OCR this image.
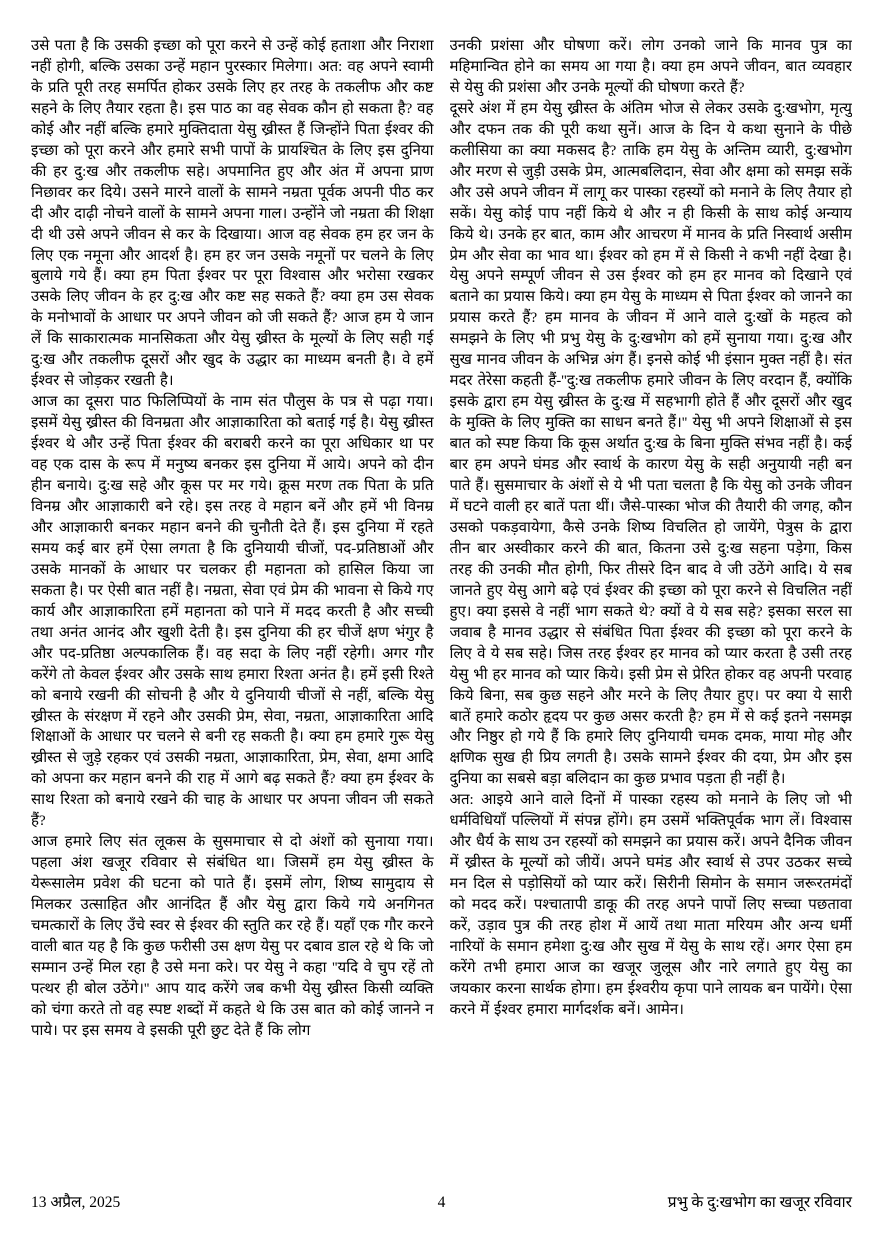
उसे पता है कि उसकी इच्छा को पूरा करने से उन्हें कोई हताशा और निराशा नहीं होगी, बल्कि उसका उन्हें महान पुरस्कार मिलेगा। अत: वह अपने स्वामी के प्रति पूरी तरह समर्पित होकर उसके लिए हर तरह के तकलीफ और कष्ट सहने के लिए तैयार रहता है। इस पाठ का वह सेवक कौन हो सकता है? वह कोई और नहीं बल्कि हमारे मुक्तिदाता येसु ख्रीस्त हैं जिन्होंने पिता ईश्वर की इच्छा को पूरा करने और हमारे सभी पापों के प्रायश्चित के लिए इस दुनिया की हर दु:ख और तकलीफ सहे। अपमानित हुए और अंत में अपना प्राण निछावर कर दिये। उसने मारने वालों के सामने नम्रता पूर्वक अपनी पीठ कर दी और दाढ़ी नोचने वालों के सामने अपना गाल। उन्होंने जो नम्रता की शिक्षा दी थी उसे अपने जीवन से कर के दिखाया। आज वह सेवक हम हर जन के लिए एक नमूना और आदर्श है। हम हर जन उसके नमूनों पर चलने के लिए बुलाये गये हैं। क्या हम पिता ईश्वर पर पूरा विश्वास और भरोसा रखकर उसके लिए जीवन के हर दु:ख और कष्ट सह सकते हैं? क्या हम उस सेवक के मनोभावों के आधार पर अपने जीवन को जी सकते हैं? आज हम ये जान लें कि साकारात्मक मानसिकता और येसु ख्रीस्त के मूल्यों के लिए सही गई दु:ख और तकलीफ दूसरों और खुद के उद्धार का माध्यम बनती है। वे हमें ईश्वर से जोड़कर रखती है।

आज का दूसरा पाठ फिलिप्पियों के नाम संत पौलुस के पत्र से पढ़ा गया। इसमें येसु ख्रीस्त की विनम्रता और आज्ञाकारिता को बताई गई है। येसु ख्रीस्त ईश्वर थे और उन्हें पिता ईश्वर की बराबरी करने का पूरा अधिकार था पर वह एक दास के रूप में मनुष्य बनकर इस दुनिया में आये। अपने को दीन हीन बनाये। दु:ख सहे और कूस पर मर गये। क्रूस मरण तक पिता के प्रति विनम्र और आज्ञाकारी बने रहे। इस तरह वे महान बनें और हमें भी विनम्र और आज्ञाकारी बनकर महान बनने की चुनौती देते हैं। इस दुनिया में रहते समय कई बार हमें ऐसा लगता है कि दुनियायी चीजों, पद-प्रतिष्ठाओं और उसके मानकों के आधार पर चलकर ही महानता को हासिल किया जा सकता है। पर ऐसी बात नहीं है। नम्रता, सेवा एवं प्रेम की भावना से किये गए कार्य और आज्ञाकारिता हमें महानता को पाने में मदद करती है और सच्ची तथा अनंत आनंद और खुशी देती है। इस दुनिया की हर चीजें क्षण भंगुर है और पद-प्रतिष्ठा अल्पकालिक हैं। वह सदा के लिए नहीं रहेगी। अगर गौर करेंगे तो केवल ईश्वर और उसके साथ हमारा रिश्ता अनंत है। हमें इसी रिश्ते को बनाये रखनी की सोचनी है और ये दुनियायी चीजों से नहीं, बल्कि येसु ख्रीस्त के संरक्षण में रहने और उसकी प्रेम, सेवा, नम्रता, आज्ञाकारिता आदि शिक्षाओं के आधार पर चलने से बनी रह सकती है। क्या हम हमारे गुरू येसु ख्रीस्त से जुड़े रहकर एवं उसकी नम्रता, आज्ञाकारिता, प्रेम, सेवा, क्षमा आदि को अपना कर महान बनने की राह में आगे बढ़ सकते हैं? क्या हम ईश्वर के साथ रिश्ता को बनाये रखने की चाह के आधार पर अपना जीवन जी सकते हैं?

आज हमारे लिए संत लूकस के सुसमाचार से दो अंशों को सुनाया गया। पहला अंश खजूर रविवार से संबंधित था। जिसमें हम येसु ख्रीस्त के येरूसालेम प्रवेश की घटना को पाते हैं। इसमें लोग, शिष्य सामुदाय से मिलकर उत्साहित और आनंदित हैं और येसु द्वारा किये गये अनगिनत चमत्कारों के लिए उँचे स्वर से ईश्वर की स्तुति कर रहे हैं। यहाँ एक गौर करने वाली बात यह है कि कुछ फरीसी उस क्षण येसु पर दबाव डाल रहे थे कि जो सम्मान उन्हें मिल रहा है उसे मना करे। पर येसु ने कहा ''यदि वे चुप रहें तो पत्थर ही बोल उठेंगे।'' आप याद करेंगे जब कभी येसु ख्रीस्त किसी व्यक्ति को चंगा करते तो वह स्पष्ट शब्दों में कहते थे कि उस बात को कोई जानने न पाये। पर इस समय वे इसकी पूरी छुट देते हैं कि लोग

उनकी प्रशंसा और घोषणा करें। लोग उनको जाने कि मानव पुत्र का महिमान्वित होने का समय आ गया है। क्या हम अपने जीवन, बात व्यवहार से येसु की प्रशंसा और उनके मूल्यों की घोषणा करते हैं?

दूसरे अंश में हम येसु ख्रीस्त के अंतिम भोज से लेकर उसके दु:खभोग, मृत्यु और दफन तक की पूरी कथा सुनें। आज के दिन ये कथा सुनाने के पीछे कलीसिया का क्या मकसद है? ताकि हम येसु के अन्तिम व्यारी, दु:खभोग और मरण से जुड़ी उसके प्रेम, आत्मबलिदान, सेवा और क्षमा को समझ सकें और उसे अपने जीवन में लागू कर पास्का रहस्यों को मनाने के लिए तैयार हो सकें। येसु कोई पाप नहीं किये थे और न ही किसी के साथ कोई अन्याय किये थे। उनके हर बात, काम और आचरण में मानव के प्रति निस्वार्थ असीम प्रेम और सेवा का भाव था। ईश्वर को हम में से किसी ने कभी नहीं देखा है। येसु अपने सम्पूर्ण जीवन से उस ईश्वर को हम हर मानव को दिखाने एवं बताने का प्रयास किये। क्या हम येसु के माध्यम से पिता ईश्वर को जानने का प्रयास करते हैं? हम मानव के जीवन में आने वाले दु:खों के महत्व को समझने के लिए भी प्रभु येसु के दु:खभोग को हमें सुनाया गया। दु:ख और सुख मानव जीवन के अभिन्न अंग हैं। इनसे कोई भी इंसान मुक्त नहीं है। संत मदर तेरेसा कहती हैं-''दु:ख तकलीफ हमारे जीवन के लिए वरदान हैं, क्योंकि इसके द्वारा हम येसु ख्रीस्त के दु:ख में सहभागी होते हैं और दूसरों और खुद के मुक्ति के लिए मुक्ति का साधन बनते हैं।'' येसु भी अपने शिक्षाओं से इस बात को स्पष्ट किया कि कूस अर्थात दु:ख के बिना मुक्ति संभव नहीं है। कई बार हम अपने घंमड और स्वार्थ के कारण येसु के सही अनुयायी नही बन पाते हैं। सुसमाचार के अंशों से ये भी पता चलता है कि येसु को उनके जीवन में घटने वाली हर बातें पता थीं। जैसे-पास्का भोज की तैयारी की जगह, कौन उसको पकड़वायेगा, कैसे उनके शिष्य विचलित हो जायेंगे, पेत्रुस के द्वारा तीन बार अस्वीकार करने की बात, कितना उसे दु:ख सहना पड़ेगा, किस तरह की उनकी मौत होगी, फिर तीसरे दिन बाद वे जी उठेंगे आदि। ये सब जानते हुए येसु आगे बढ़े एवं ईश्वर की इच्छा को पूरा करने से विचलित नहीं हुए। क्या इससे वे नहीं भाग सकते थे? क्यों वे ये सब सहे? इसका सरल सा जवाब है मानव उद्धार से संबंधित पिता ईश्वर की इच्छा को पूरा करने के लिए वे ये सब सहे। जिस तरह ईश्वर हर मानव को प्यार करता है उसी तरह येसु भी हर मानव को प्यार किये। इसी प्रेम से प्रेरित होकर वह अपनी परवाह किये बिना, सब कुछ सहने और मरने के लिए तैयार हुए। पर क्या ये सारी बातें हमारे कठोर हृदय पर कुछ असर करती है? हम में से कई इतने नसमझ और निष्ठुर हो गये हैं कि हमारे लिए दुनियायी चमक दमक, माया मोह और क्षणिक सुख ही प्रिय लगती है। उसके सामने ईश्वर की दया, प्रेम और इस दुनिया का सबसे बड़ा बलिदान का कुछ प्रभाव पड़ता ही नहीं है।

अत: आइये आने वाले दिनों में पास्का रहस्य को मनाने के लिए जो भी धर्मविधियाँ पल्लियों में संपन्न होंगे। हम उसमें भक्तिपूर्वक भाग लें। विश्वास और धैर्य के साथ उन रहस्यों को समझने का प्रयास करें। अपने दैनिक जीवन में ख्रीस्त के मूल्यों को जीयें। अपने घमंड और स्वार्थ से उपर उठकर सच्चे मन दिल से पड़ोसियों को प्यार करें। सिरीनी सिमोन के समान जरूरतमंदों को मदद करें। पश्चातापी डाकू की तरह अपने पापों लिए सच्चा पछतावा करें, उड़ाव पुत्र की तरह होश में आयें तथा माता मरियम और अन्य धर्मी नारियों के समान हमेशा दु:ख और सुख में येसु के साथ रहें। अगर ऐसा हम करेंगे तभी हमारा आज का खजूर जुलूस और नारे लगाते हुए येसु का जयकार करना सार्थक होगा। हम ईश्वरीय कृपा पाने लायक बन पायेंगे। ऐसा करने में ईश्वर हमारा मार्गदर्शक बनें। आमेन।

13 अप्रैल, 2025	4	प्रभु के दु:खभोग का खजूर रविवार
